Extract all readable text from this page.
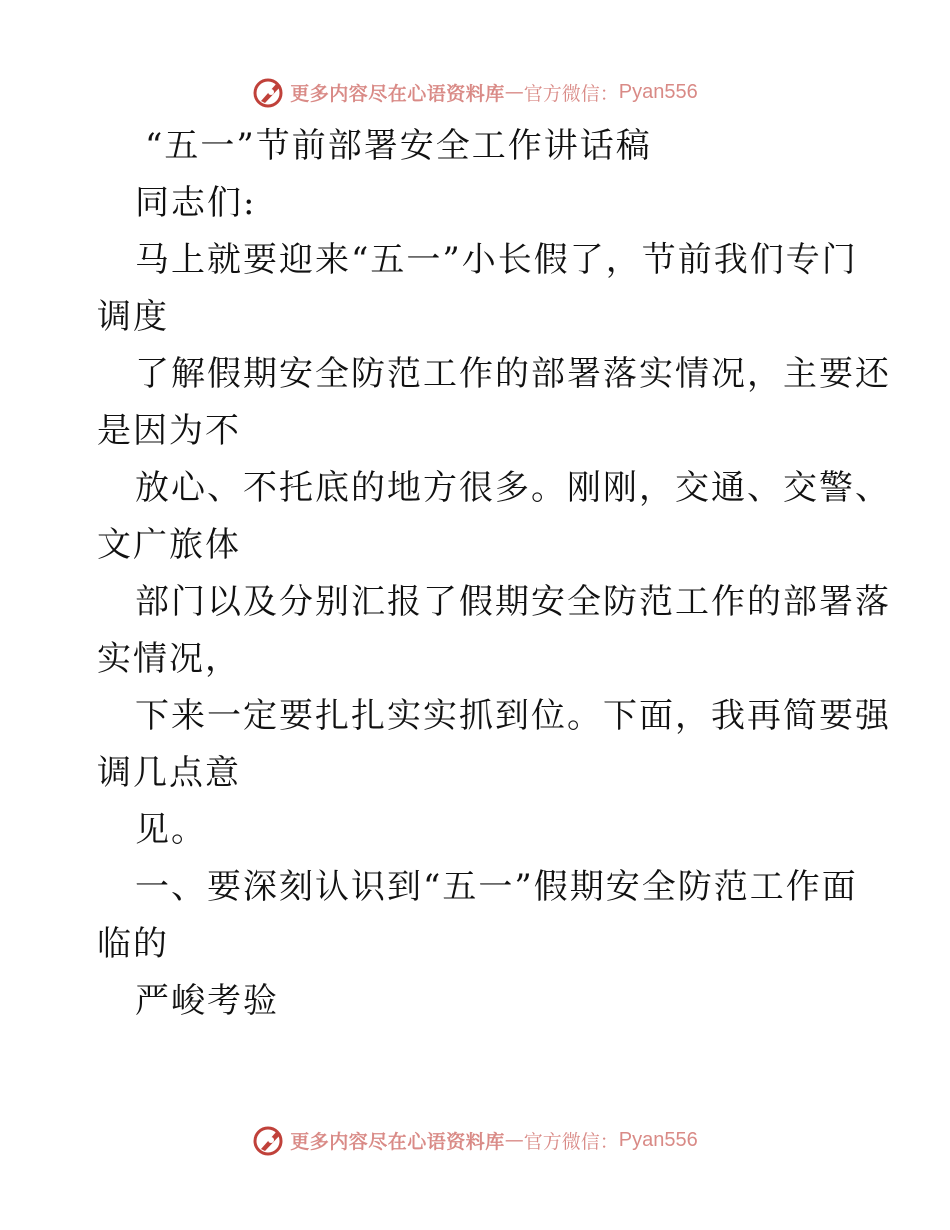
更多内容尽在心语资料库 — 官方微信： Pyan556
“五一”节前部署安全工作讲话稿
同志们:
马上就要迎来“五一”小长假了，节前我们专门
调度
了解假期安全防范工作的部署落实情况，主要还
是因为不
放心、不托底的地方很多。刚刚，交通、交警、
文广旅体
部门以及分别汇报了假期安全防范工作的部署落
实情况，
下来一定要扎扎实实抓到位。下面，我再简要强
调几点意
见。
一、要深刻认识到“五一”假期安全防范工作面
临的
严峻考验
更多内容尽在心语资料库 — 官方微信： Pyan556
